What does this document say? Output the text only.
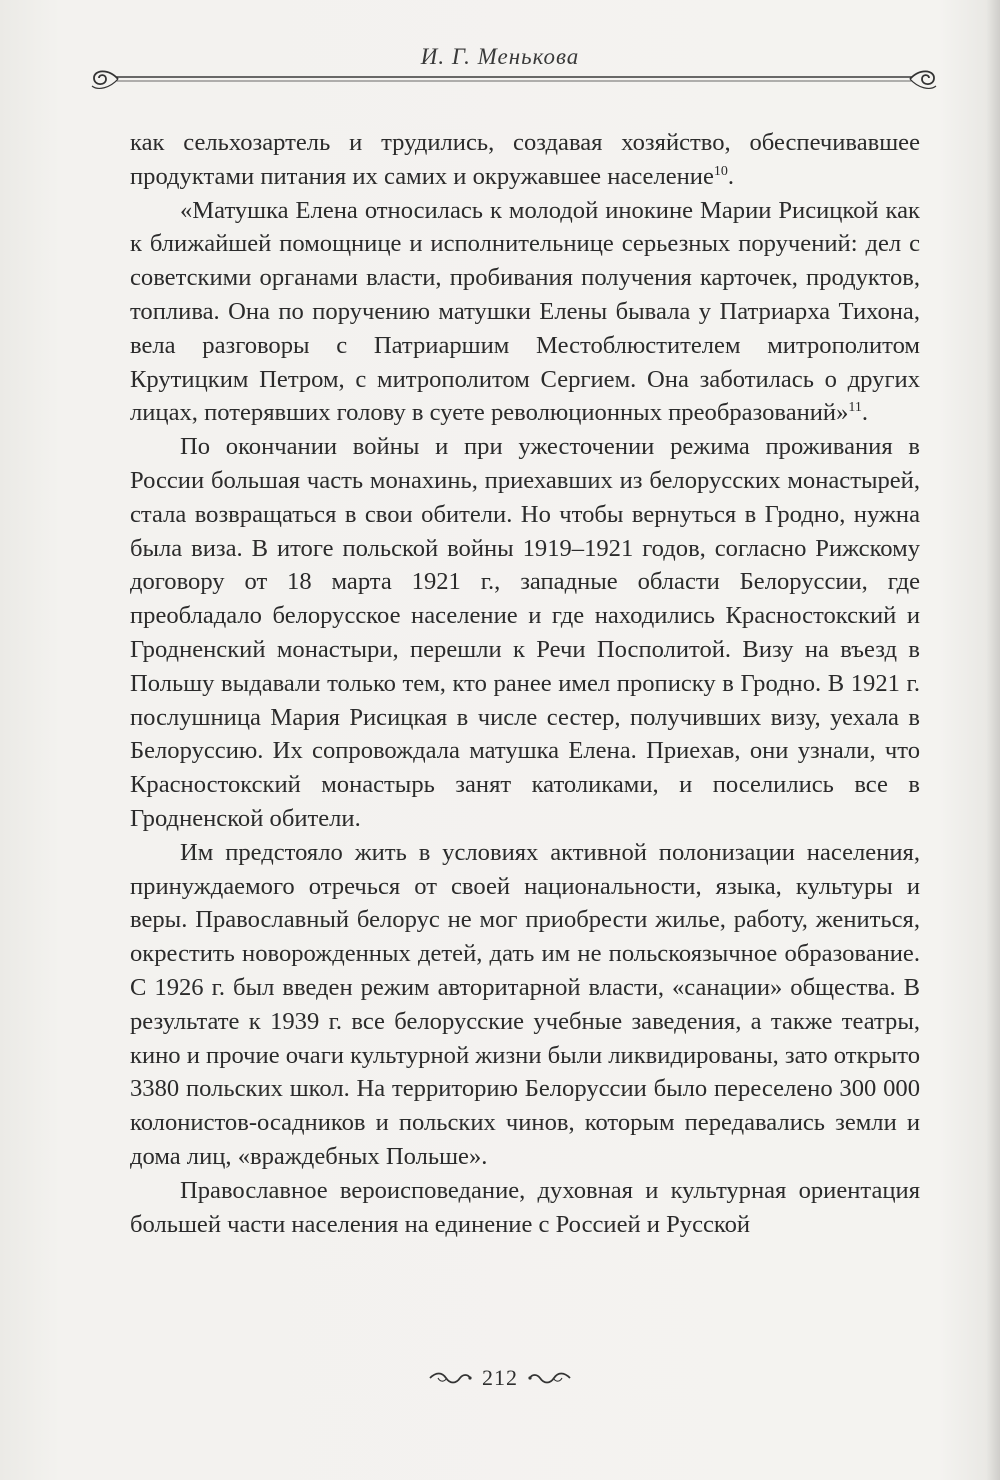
И. Г. Менькова

как сельхозартель и трудились, создавая хозяйство, обеспечивавшее продуктами питания их самих и окружавшее население$^{10}$.

«Матушка Елена относилась к молодой инокине Марии Рисицкой как к ближайшей помощнице и исполнительнице серьезных поручений: дел с советскими органами власти, пробивания получения карточек, продуктов, топлива. Она по поручению матушки Елены бывала у Патриарха Тихона, вела разговоры с Патриаршим Местоблюстителем митрополитом Крутицким Петром, с митрополитом Сергием. Она заботилась о других лицах, потерявших голову в суете революционных преобразований»$^{11}$.

По окончании войны и при ужесточении режима проживания в России большая часть монахинь, приехавших из белорусских монастырей, стала возвращаться в свои обители. Но чтобы вернуться в Гродно, нужна была виза. В итоге польской войны 1919–1921 годов, согласно Рижскому договору от 18 марта 1921 г., западные области Белоруссии, где преобладало белорусское население и где находились Красностокский и Гродненский монастыри, перешли к Речи Посполитой. Визу на въезд в Польшу выдавали только тем, кто ранее имел прописку в Гродно. В 1921 г. послушница Мария Рисицкая в числе сестер, получивших визу, уехала в Белоруссию. Их сопровождала матушка Елена. Приехав, они узнали, что Красностокский монастырь занят католиками, и поселились все в Гродненской обители.

Им предстояло жить в условиях активной полонизации населения, принуждаемого отречься от своей национальности, языка, культуры и веры. Православный белорус не мог приобрести жилье, работу, жениться, окрестить новорожденных детей, дать им не польскоязычное образование. С 1926 г. был введен режим авторитарной власти, «санации» общества. В результате к 1939 г. все белорусские учебные заведения, а также театры, кино и прочие очаги культурной жизни были ликвидированы, зато открыто 3380 польских школ. На территорию Белоруссии было переселено 300 000 колонистов-осадников и польских чинов, которым передавались земли и дома лиц, «враждебных Польше».

Православное вероисповедание, духовная и культурная ориентация большей части населения на единение с Россией и Русской

212
